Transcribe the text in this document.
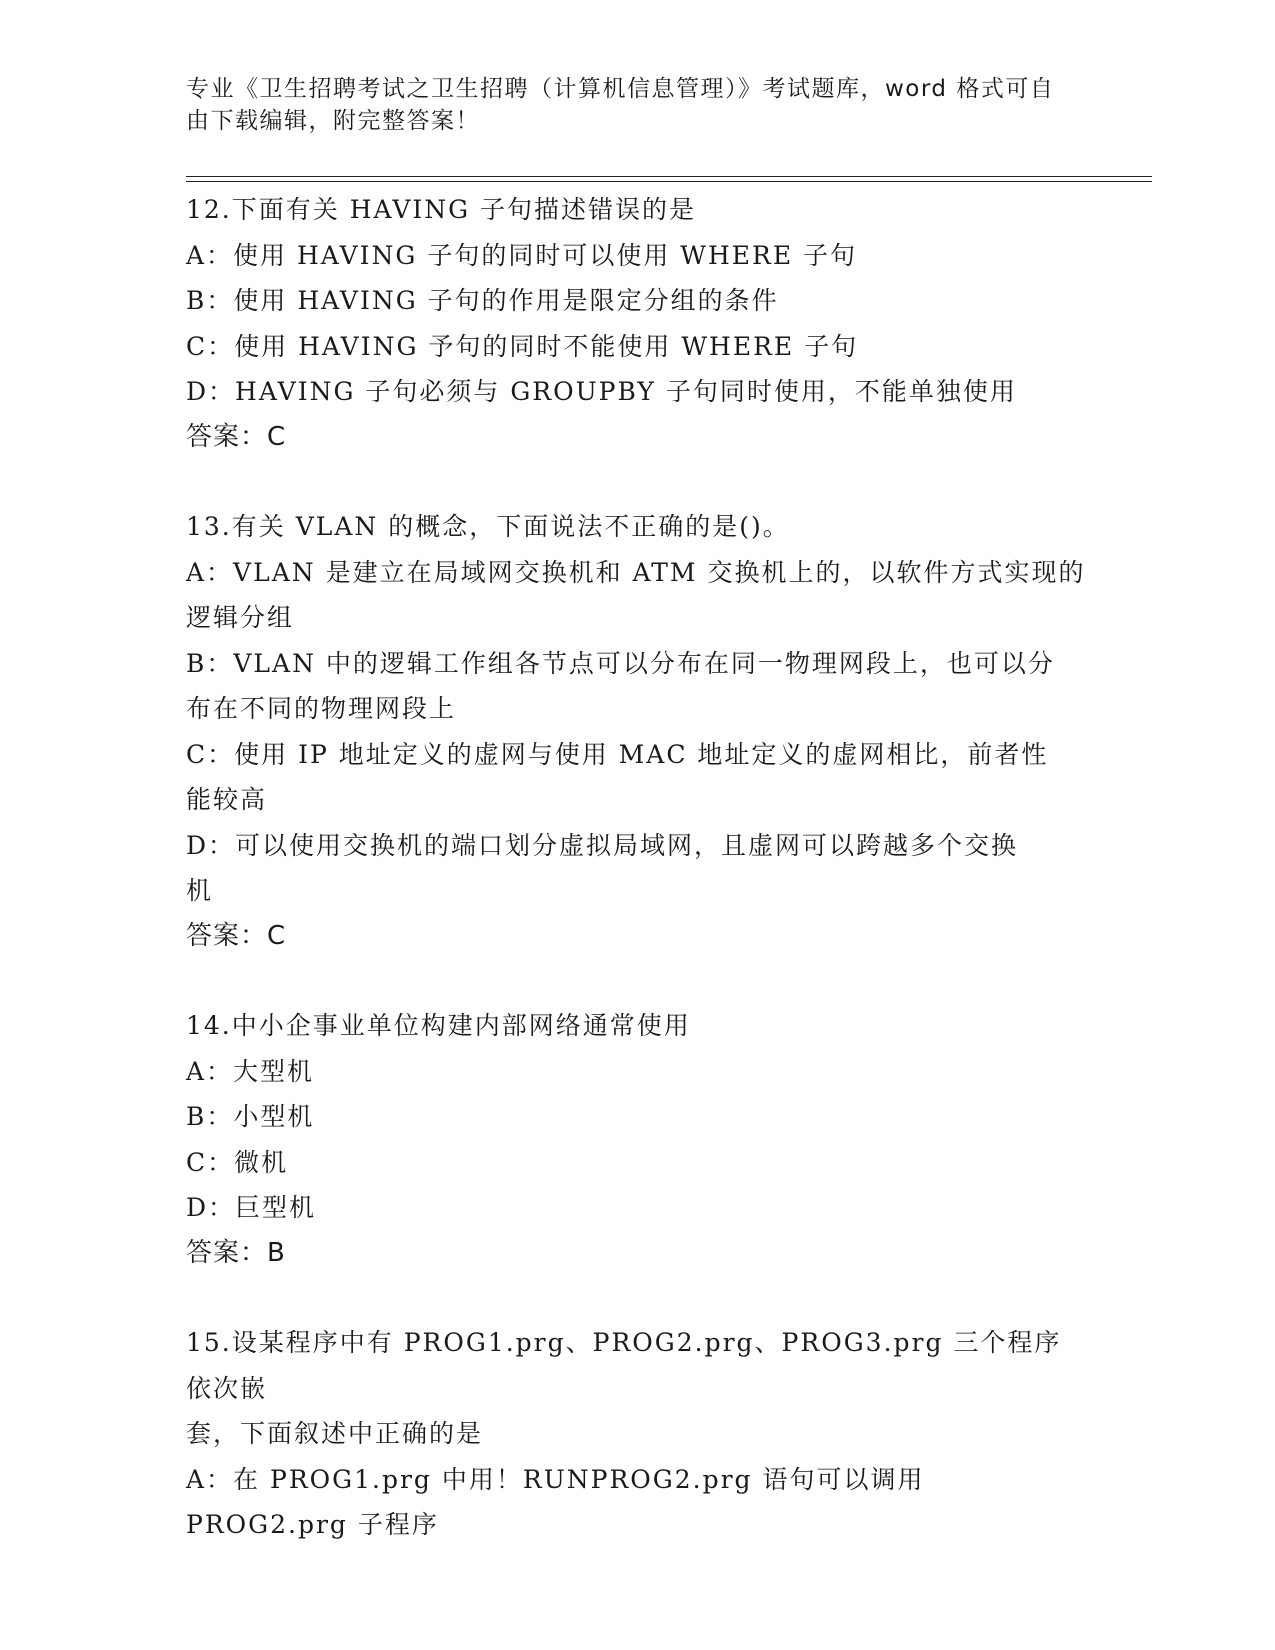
专业《卫生招聘考试之卫生招聘（计算机信息管理）》考试题库，word 格式可自
由下载编辑，附完整答案！
12.下面有关 HAVING 子句描述错误的是
A：使用 HAVING 子句的同时可以使用 WHERE 子句
B：使用 HAVING 子句的作用是限定分组的条件
C：使用 HAVING 予句的同时不能使用 WHERE 子句
D：HAVING 子句必须与 GROUPBY 子句同时使用，不能单独使用
答案：C
13.有关 VLAN 的概念，下面说法不正确的是()。
A：VLAN 是建立在局域网交换机和 ATM 交换机上的，以软件方式实现的
逻辑分组
B：VLAN 中的逻辑工作组各节点可以分布在同一物理网段上，也可以分
布在不同的物理网段上
C：使用 IP 地址定义的虚网与使用 MAC 地址定义的虚网相比，前者性
能较高
D：可以使用交换机的端口划分虚拟局域网，且虚网可以跨越多个交换
机
答案：C
14.中小企事业单位构建内部网络通常使用
A：大型机
B：小型机
C：微机
D：巨型机
答案：B
15.设某程序中有 PROG1.prg、PROG2.prg、PROG3.prg 三个程序依次嵌
套，下面叙述中正确的是
A：在 PROG1.prg 中用！RUNPROG2.prg 语句可以调用 PROG2.prg 子程序
